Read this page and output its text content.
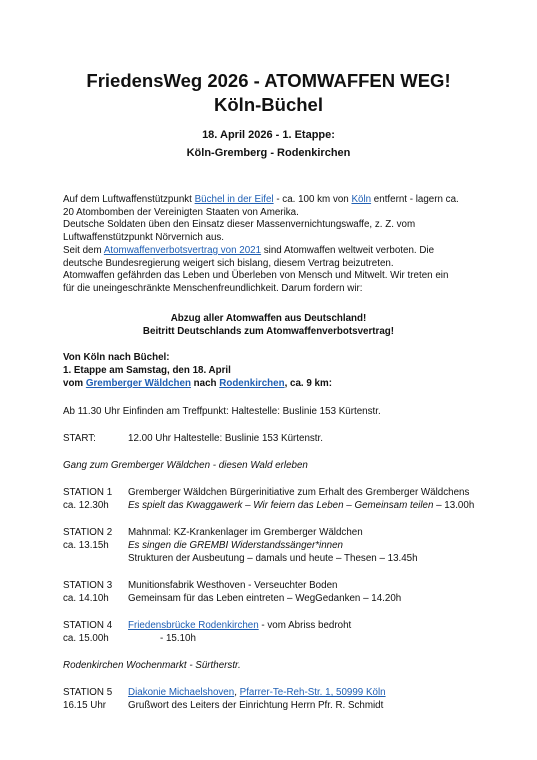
FriedensWeg 2026 - ATOMWAFFEN WEG!
Köln-Büchel
18. April 2026 - 1. Etappe:
Köln-Gremberg - Rodenkirchen
Auf dem Luftwaffenstützpunkt Büchel in der Eifel - ca. 100 km von Köln entfernt - lagern ca.
20 Atombomben der Vereinigten Staaten von Amerika.
Deutsche Soldaten üben den Einsatz dieser Massenvernichtungswaffe, z. Z. vom
Luftwaffenstützpunkt Nörvernich aus.
Seit dem Atomwaffenverbotsvertrag von 2021 sind Atomwaffen weltweit verboten. Die
deutsche Bundesregierung weigert sich bislang, diesem Vertrag beizutreten.
Atomwaffen gefährden das Leben und Überleben von Mensch und Mitwelt. Wir treten ein
für die uneingeschränkte Menschenfreundlichkeit. Darum fordern wir:
Abzug aller Atomwaffen aus Deutschland!
Beitritt Deutschlands zum Atomwaffenverbotsvertrag!
Von Köln nach Büchel:
1. Etappe am Samstag, den 18. April
vom Gremberger Wäldchen nach Rodenkirchen, ca. 9 km:
Ab 11.30 Uhr Einfinden am Treffpunkt: Haltestelle: Buslinie 153 Kürtenstr.
START:	12.00 Uhr Haltestelle: Buslinie 153 Kürtenstr.
Gang zum Gremberger Wäldchen - diesen Wald erleben
STATION 1
ca. 12.30h
Gremberger Wäldchen Bürgerinitiative zum Erhalt des Gremberger Wäldchens
Es spielt das Kwaggawerk – Wir feiern das Leben – Gemeinsam teilen – 13.00h
STATION 2
ca. 13.15h
Mahnmal: KZ-Krankenlager im Gremberger Wäldchen
Es singen die GREMBI Widerstandssänger*innen
Strukturen der Ausbeutung – damals und heute – Thesen – 13.45h
STATION 3
ca. 14.10h
Munitionsfabrik Westhoven - Verseuchter Boden
Gemeinsam für das Leben eintreten – WegGedanken – 14.20h
STATION 4
ca. 15.00h
Friedensbrücke Rodenkirchen - vom Abriss bedroht
- 15.10h
Rodenkirchen Wochenmarkt - Sürtherstr.
STATION 5
16.15 Uhr
Diakonie Michaelshoven, Pfarrer-Te-Reh-Str. 1, 50999 Köln
Grußwort des Leiters der Einrichtung Herrn Pfr. R. Schmidt
